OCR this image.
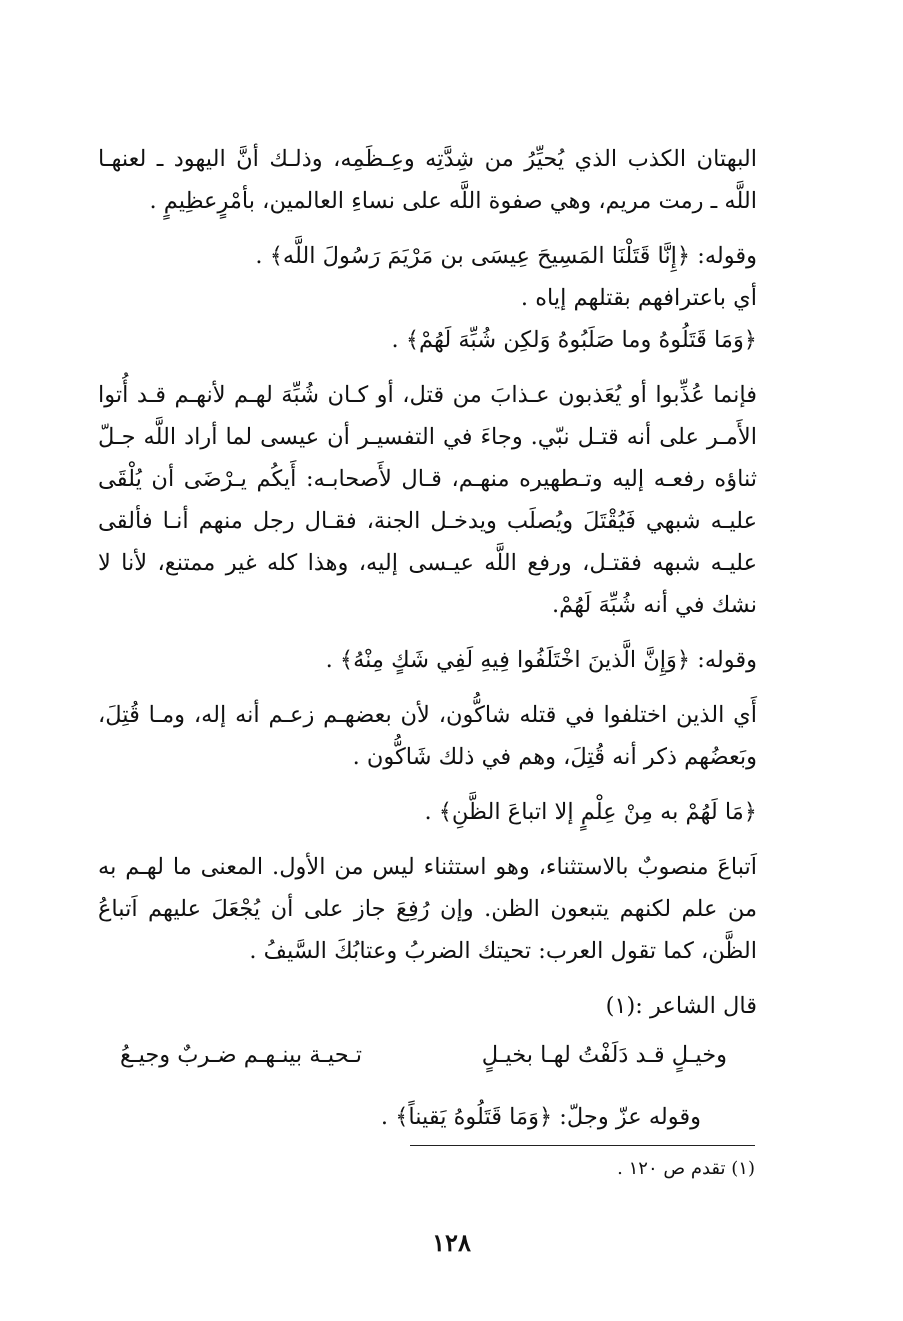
البهتان الكذب الذي يُحيِّرُ من شِدَّتِه وعِـظَمِه، وذلـك أنَّ اليهود ـ لعنهـا اللَّه ـ رمت مريم، وهي صفوة اللَّه على نساءِ العالمين، بأمْرٍعظِيمٍ .

وقوله: ﴿إِنَّا قَتَلْنَا المَسِيحَ عِيسَى بن مَرْيَمَ رَسُولَ اللَّه﴾ .

أي باعترافهم بقتلهم إياه .

﴿وَمَا قَتَلُوهُ وما صَلَبُوهُ وَلكِن شُبِّهَ لَهُمْ﴾ .

فإنما عُذِّبوا أو يُعَذبون عـذابَ من قتل، أو كـان شُبِّهَ لهـم لأنهـم قـد أُتوا الأَمـر على أنه قتـل نبّي. وجاءَ في التفسيـر أن عيسى لما أراد اللَّه جـلّ ثناؤه رفعـه إليه وتـطهيره منهـم، قـال لأَصحابـه: أَيكُم يـرْضَى أن يُلْقَى عليـه شبهي فَيُقْتَلَ ويُصلَب ويدخـل الجنة، فقـال رجل منهم أنـا فألقى عليـه شبهه فقتـل، ورفع اللَّه عيـسى إليه، وهذا كله غير ممتنع، لأنا لا نشك في أنه شُبِّهَ لَهُمْ.

وقوله: ﴿وَإِنَّ الَّذينَ اخْتَلَفُوا فِيهِ لَفِي شَكٍ مِنْهُ﴾ .

أَي الذين اختلفوا في قتله شاكُّون، لأن بعضهـم زعـم أنه إله، ومـا قُتِلَ، وبَعضُهم ذكر أنه قُتِلَ، وهم في ذلك شَاكُّون .

﴿مَا لَهُمْ به مِنْ عِلْمٍ إلا اتباعَ الظَّنِ﴾ .

اَتباعَ منصوبٌ بالاستثناء، وهو استثناء ليس من الأول. المعنى ما لهـم به من علم لكنهم يتبعون الظن. وإن رُفِعَ جاز على أن يُجْعَلَ عليهم اَتباعُ الظَّن، كما تقول العرب: تحيتك الضربُ وعتابُكَ السَّيفُ .

قال الشاعر :(١)

وخيـلٍ قـد دَلَفْتُ لهـا بخيـلٍ
تـحيـة بينـهـم ضـربٌ وجيـعُ
وقوله عزّ وجلّ: ﴿وَمَا قَتَلُوهُ يَقيناً﴾ .
(١) تقدم ص ١٢٠ .
١٢٨
